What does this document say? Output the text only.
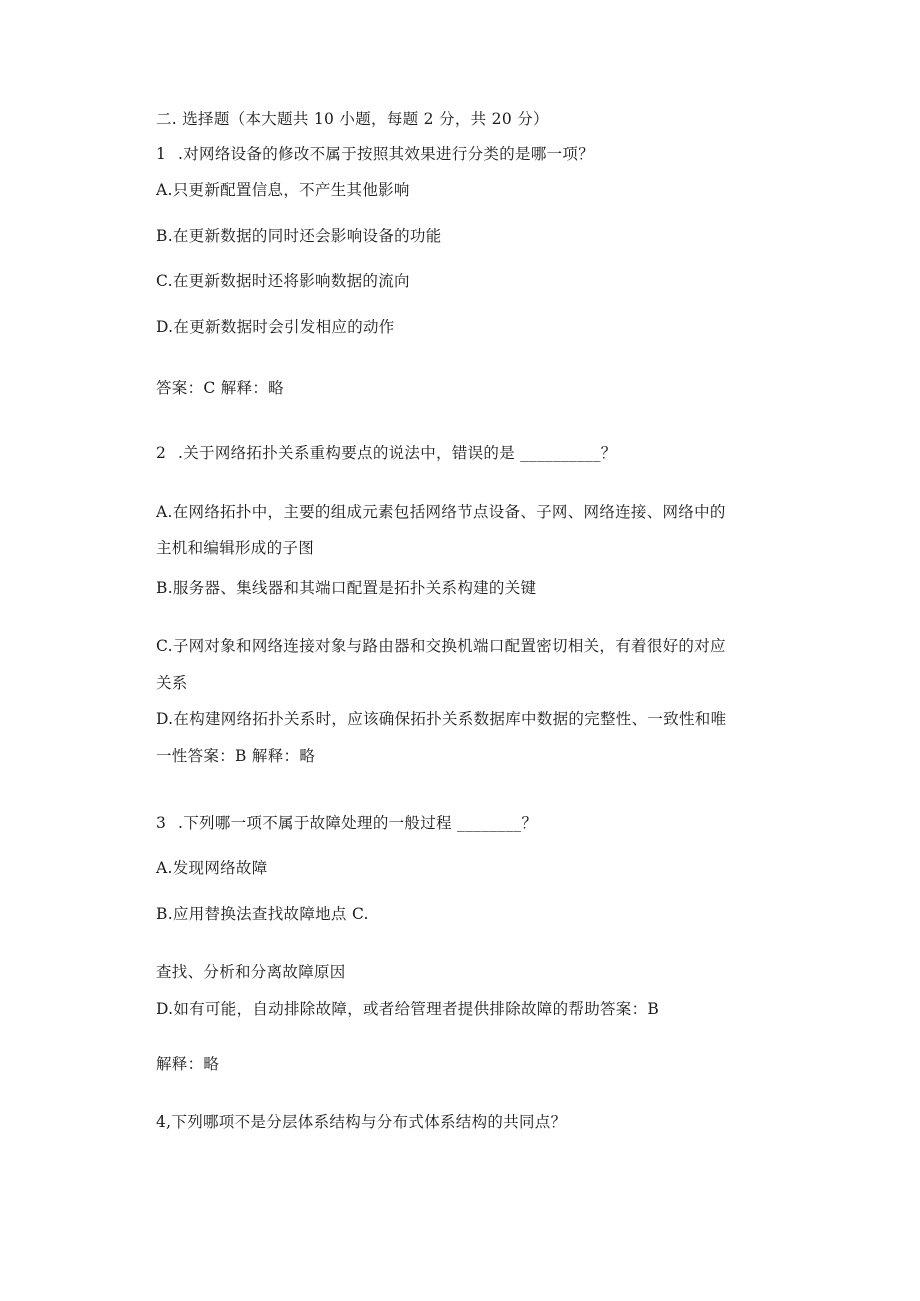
二. 选择题（本大题共 10 小题，每题 2 分，共 20 分）
1 .对网络设备的修改不属于按照其效果进行分类的是哪一项？
A.只更新配置信息，不产生其他影响
B.在更新数据的同时还会影响设备的功能
C.在更新数据时还将影响数据的流向
D.在更新数据时会引发相应的动作
答案：C 解释：略
2 .关于网络拓扑关系重构要点的说法中，错误的是 __________？
A.在网络拓扑中，主要的组成元素包括网络节点设备、子网、网络连接、网络中的
主机和编辑形成的子图
B.服务器、集线器和其端口配置是拓扑关系构建的关键
C.子网对象和网络连接对象与路由器和交换机端口配置密切相关，有着很好的对应
关系
D.在构建网络拓扑关系时，应该确保拓扑关系数据库中数据的完整性、一致性和唯
一性答案：B 解释：略
3 .下列哪一项不属于故障处理的一般过程 ________？
A.发现网络故障
B.应用替换法查找故障地点 C.
查找、分析和分离故障原因
D.如有可能，自动排除故障，或者给管理者提供排除故障的帮助答案：B
解释：略
4,下列哪项不是分层体系结构与分布式体系结构的共同点？
